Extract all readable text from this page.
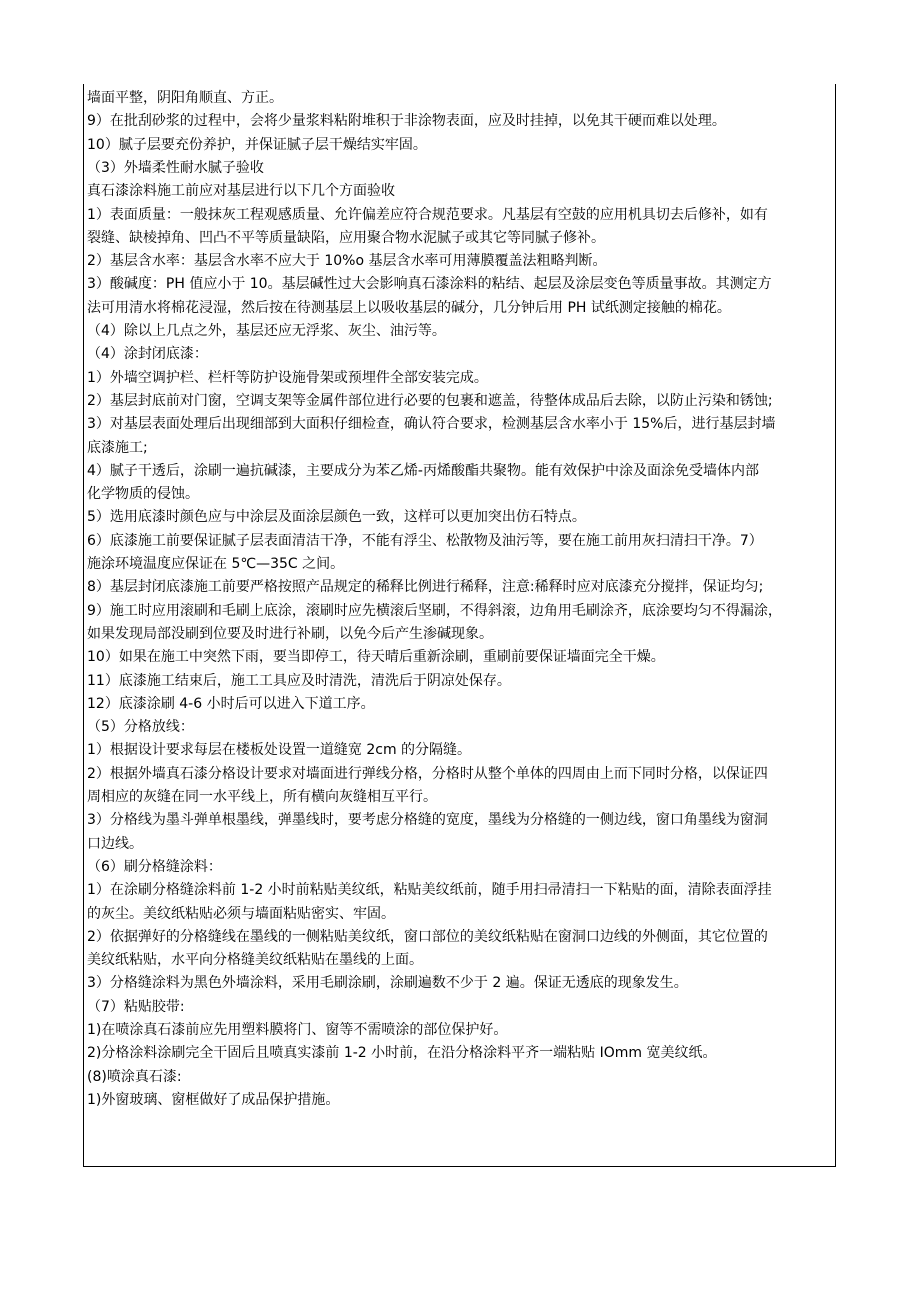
墙面平整，阴阳角顺直、方正。
9）在批刮砂浆的过程中，会将少量浆料粘附堆积于非涂物表面，应及时挂掉，以免其干硬而难以处理。
10）腻子层要充份养护，并保证腻子层干燥结实牢固。
（3）外墙柔性耐水腻子验收
真石漆涂料施工前应对基层进行以下几个方面验收
1）表面质量：一般抹灰工程观感质量、允许偏差应符合规范要求。凡基层有空鼓的应用机具切去后修补，如有
裂缝、缺棱掉角、凹凸不平等质量缺陷，应用聚合物水泥腻子或其它等同腻子修补。
2）基层含水率：基层含水率不应大于 10%o 基层含水率可用薄膜覆盖法粗略判断。
3）酸碱度：PH 值应小于 10。基层碱性过大会影响真石漆涂料的粘结、起层及涂层变色等质量事故。其测定方
法可用清水将棉花浸湿，然后按在待测基层上以吸收基层的碱分，几分钟后用 PH 试纸测定接触的棉花。
（4）除以上几点之外，基层还应无浮浆、灰尘、油污等。
（4）涂封闭底漆：
1）外墙空调护栏、栏杆等防护设施骨架或预埋件全部安装完成。
2）基层封底前对门窗，空调支架等金属件部位进行必要的包裹和遮盖，待整体成品后去除，以防止污染和锈蚀;
3）对基层表面处理后出现细部到大面积仔细检查，确认符合要求，检测基层含水率小于 15%后，进行基层封墙
底漆施工;
4）腻子干透后，涂刷一遍抗碱漆，主要成分为苯乙烯-丙烯酸酯共聚物。能有效保护中涂及面涂免受墙体内部
化学物质的侵蚀。
5）选用底漆时颜色应与中涂层及面涂层颜色一致，这样可以更加突出仿石特点。
6）底漆施工前要保证腻子层表面清洁干净，不能有浮尘、松散物及油污等，要在施工前用灰扫清扫干净。7）
施涂环境温度应保证在 5℃—35C 之间。
8）基层封闭底漆施工前要严格按照产品规定的稀释比例进行稀释，注意:稀释时应对底漆充分搅拌，保证均匀;
9）施工时应用滚刷和毛刷上底涂，滚刷时应先横滚后坚刷，不得斜滚，边角用毛刷涂齐，底涂要均匀不得漏涂，
如果发现局部没刷到位要及时进行补刷，以免今后产生渗碱现象。
10）如果在施工中突然下雨，要当即停工，待天晴后重新涂刷，重刷前要保证墙面完全干燥。
11）底漆施工结束后，施工工具应及时清洗，清洗后于阴凉处保存。
12）底漆涂刷 4-6 小时后可以进入下道工序。
（5）分格放线：
1）根据设计要求每层在楼板处设置一道缝宽 2cm 的分隔缝。
2）根据外墙真石漆分格设计要求对墙面进行弹线分格，分格时从整个单体的四周由上而下同时分格，以保证四
周相应的灰缝在同一水平线上，所有横向灰缝相互平行。
3）分格线为墨斗弹单根墨线，弹墨线时，要考虑分格缝的宽度，墨线为分格缝的一侧边线，窗口角墨线为窗洞
口边线。
（6）刷分格缝涂料：
1）在涂刷分格缝涂料前 1-2 小时前粘贴美纹纸，粘贴美纹纸前，随手用扫帚清扫一下粘贴的面，清除表面浮挂
的灰尘。美纹纸粘贴必须与墙面粘贴密实、牢固。
2）依据弹好的分格缝线在墨线的一侧粘贴美纹纸，窗口部位的美纹纸粘贴在窗洞口边线的外侧面，其它位置的
美纹纸粘贴，水平向分格缝美纹纸粘贴在墨线的上面。
3）分格缝涂料为黑色外墙涂料，采用毛刷涂刷，涂刷遍数不少于 2 遍。保证无透底的现象发生。
（7）粘贴胶带:
1)在喷涂真石漆前应先用塑料膜将门、窗等不需喷涂的部位保护好。
2)分格涂料涂刷完全干固后且喷真实漆前 1-2 小时前，在沿分格涂料平齐一端粘贴 IOmm 宽美纹纸。
(8)喷涂真石漆:
1)外窗玻璃、窗框做好了成品保护措施。
